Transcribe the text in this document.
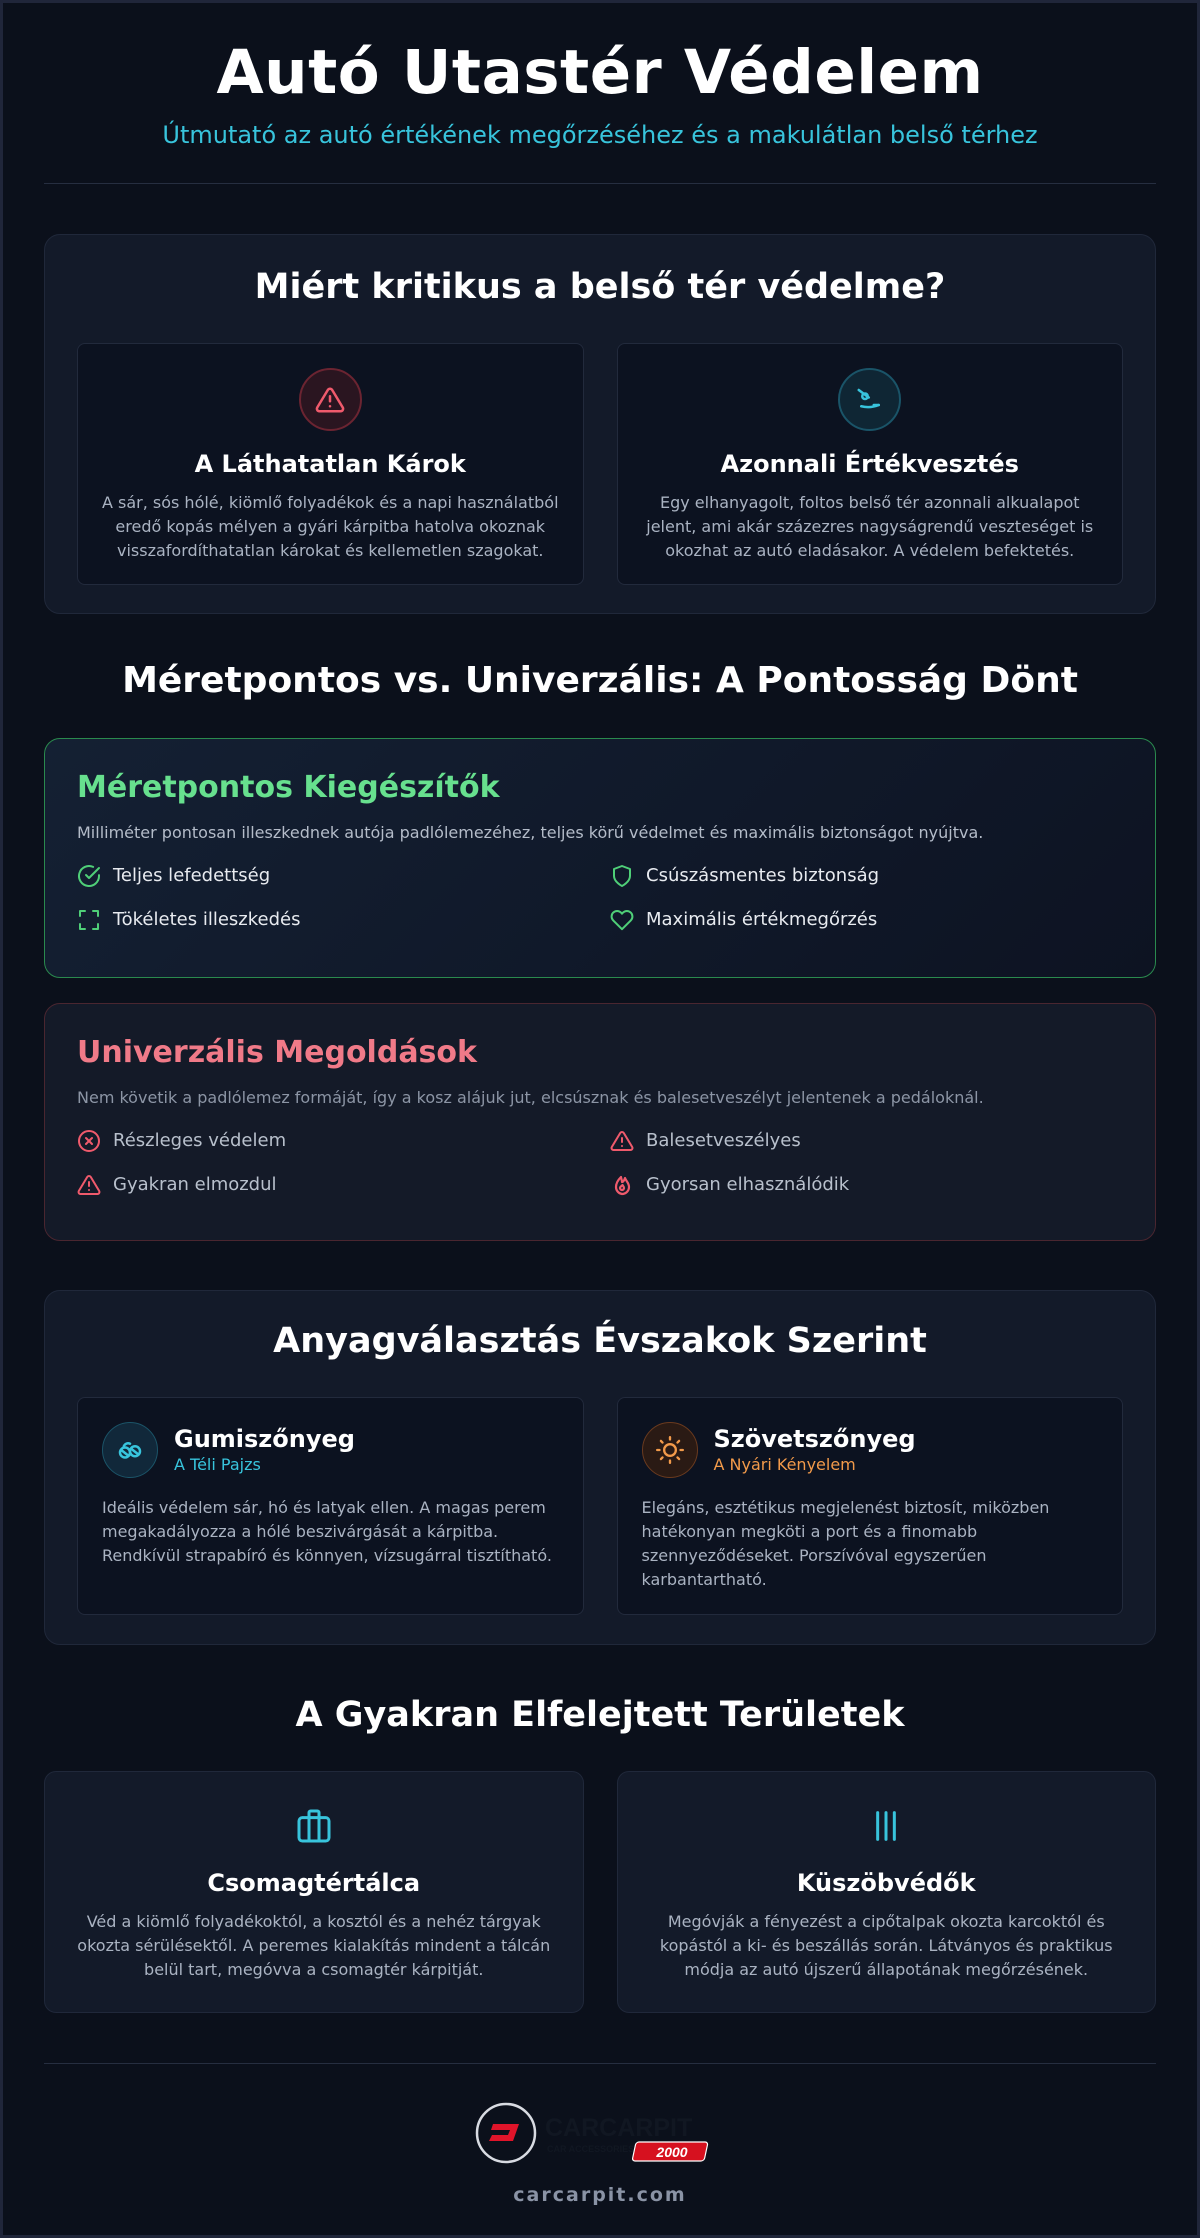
Autó Utastér Védelem
Útmutató az autó értékének megőrzéséhez és a makulátlan belső térhez
Miért kritikus a belső tér védelme?
A Láthatatlan Károk

A sár, sós hólé, kiömlő folyadékok és a napi használatból eredő kopás mélyen a gyári kárpitba hatolva okoznak visszafordíthatatlan károkat és kellemetlen szagokat.

Azonnali Értékvesztés

Egy elhanyagolt, foltos belső tér azonnali alkualapot jelent, ami akár százezres nagyságrendű veszteséget is okozhat az autó eladásakor. A védelem befektetés.

Méretpontos vs. Univerzális: A Pontosság Dönt
Méretpontos Kiegészítők

Milliméter pontosan illeszkednek autója padlólemezéhez, teljes körű védelmet és maximális biztonságot nyújtva.

Teljes lefedettség	Csúszásmentes biztonság
Tökéletes illeszkedés	Maximális értékmegőrzés
Univerzális Megoldások

Nem követik a padlólemez formáját, így a kosz alájuk jut, elcsúsznak és balesetveszélyt jelentenek a pedáloknál.

Részleges védelem	Balesetveszélyes
Gyakran elmozdul	Gyorsan elhasználódik
Anyagválasztás Évszakok Szerint
Gumiszőnyeg
A Téli Pajzs

Ideális védelem sár, hó és latyak ellen. A magas perem megakadályozza a hólé beszivárgását a kárpitba. Rendkívül strapabíró és könnyen, vízsugárral tisztítható.

Szövetszőnyeg
A Nyári Kényelem

Elegáns, esztétikus megjelenést biztosít, miközben hatékonyan megköti a port és a finomabb szennyeződéseket. Porszívóval egyszerűen karbantartható.

A Gyakran Elfelejtett Területek
Csomagtértálca

Véd a kiömlő folyadékoktól, a kosztól és a nehéz tárgyak okozta sérülésektől. A peremes kialakítás mindent a tálcán belül tart, megóvva a csomagtér kárpitját.

Küszöbvédők

Megóvják a fényezést a cipőtalpak okozta karcoktól és kopástól a ki- és beszállás során. Látványos és praktikus módja az autó újszerű állapotának megőrzésének.

CARCARPIT
CAR ACCESSORIES 2000
carcarpit.com
